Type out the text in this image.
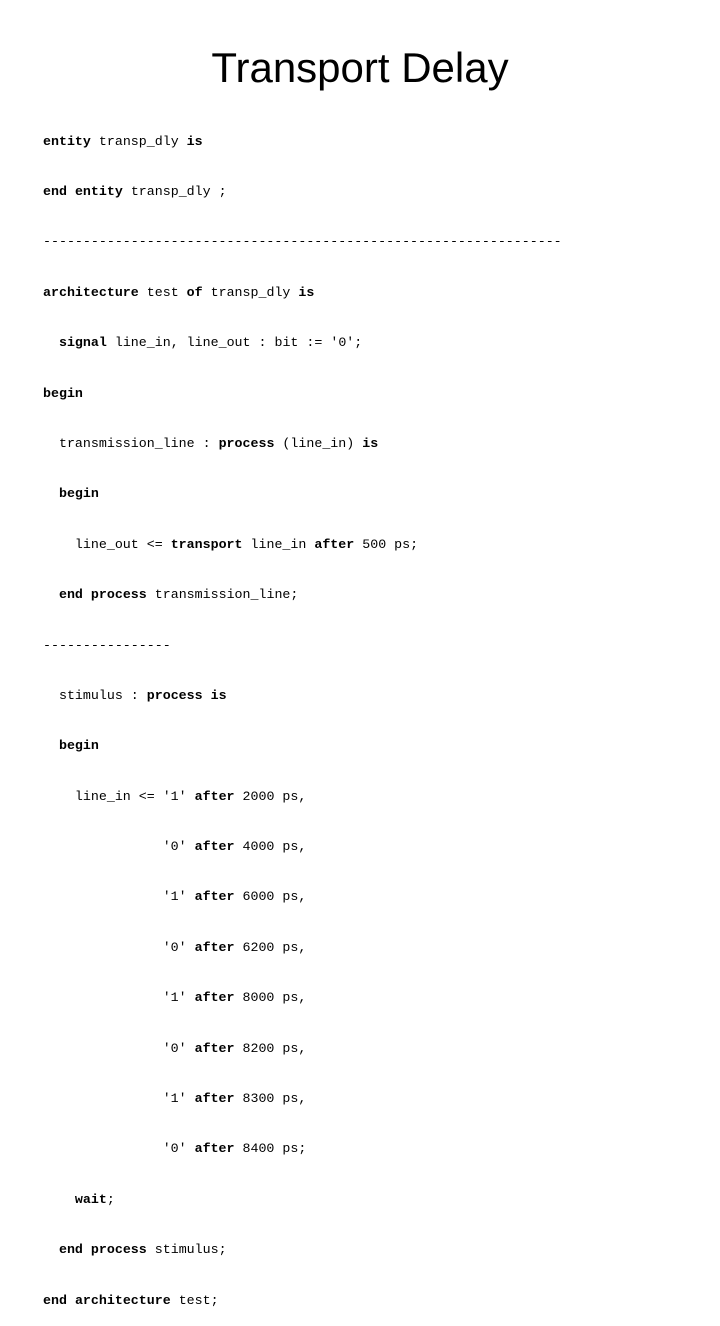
Transport Delay

entity transp_dly is

end entity transp_dly ;

-----------------------------------------------------------------

architecture test of transp_dly is

signal line_in, line_out : bit := '0';

begin

transmission_line : process (line_in) is

begin

line_out <= transport line_in after 500 ps;

end process transmission_line;

----------------

stimulus : process is

begin

line_in <= '1' after 2000 ps,

'0' after 4000 ps,

'1' after 6000 ps,

'0' after 6200 ps,

'1' after 8000 ps,

'0' after 8200 ps,

'1' after 8300 ps,

'0' after 8400 ps;

wait;

end process stimulus;

end architecture test;
